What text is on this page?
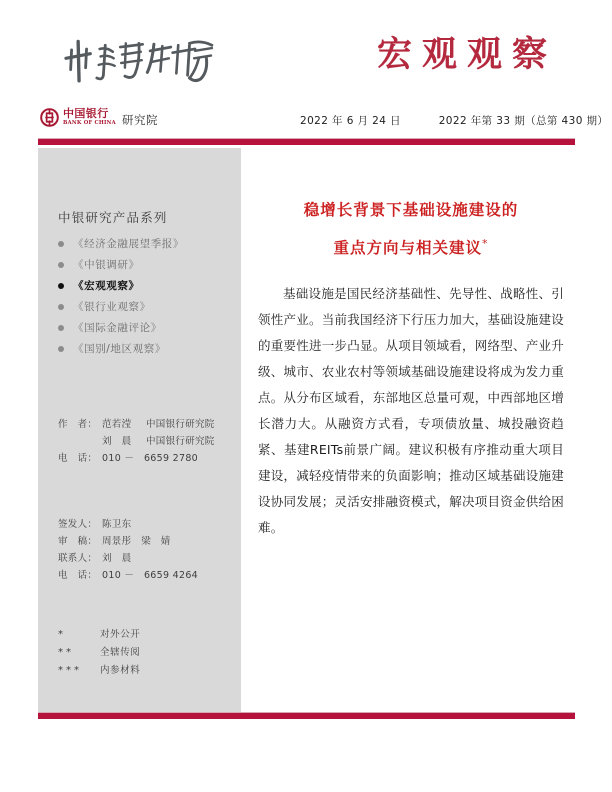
宏观观察
中国银行
BANK OF CHINA 研究院	2022 年 6 月 24 日	2022 年第 33 期（总第 430 期）
中银研究产品系列
《经济金融展望季报》
《中银调研》
《宏观观察》
《银行业观察》
《国际金融评论》
《国别/地区观察》
作　者： 范若滢	中国银行研究院
刘　晨	中国银行研究院
电　话： 010 －　6659 2780
签发人： 陈卫东
审　稿： 周景彤　梁　婧
联系人： 刘　晨
电　话： 010 －　6659 4264
*	对外公开
**	全辖传阅
***	内参材料
稳增长背景下基础设施建设的
重点方向与相关建议*

基础设施是国民经济基础性、先导性、战略性、引领性产业。当前我国经济下行压力加大，基础设施建设的重要性进一步凸显。从项目领域看，网络型、产业升级、城市、农业农村等领域基础设施建设将成为发力重点。从分布区域看，东部地区总量可观，中西部地区增长潜力大。从融资方式看，专项债放量、城投融资趋紧、基建REITs前景广阔。建议积极有序推动重大项目建设，减轻疫情带来的负面影响；推动区域基础设施建设协同发展；灵活安排融资模式，解决项目资金供给困难。
